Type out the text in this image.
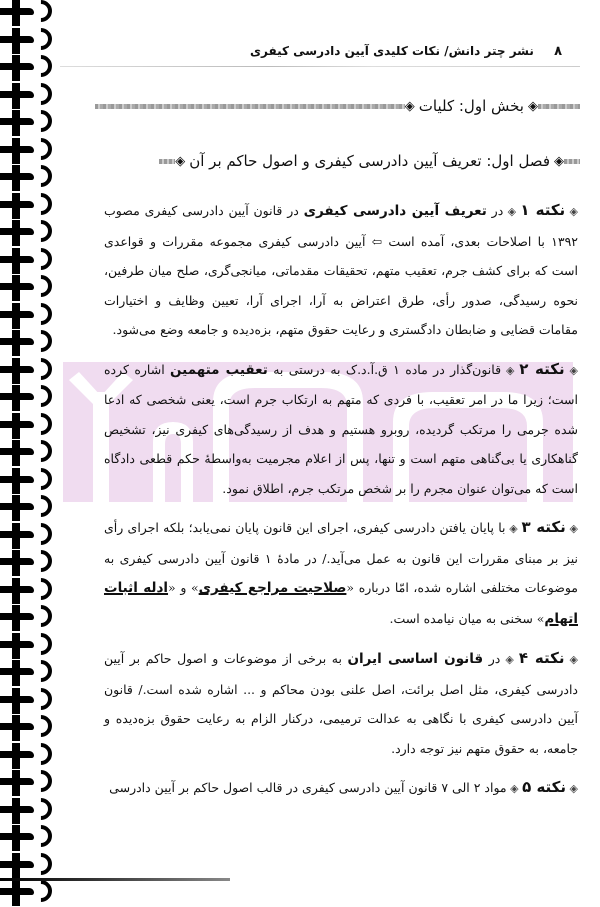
۸ نشر چتر دانش/ نکات کلیدی آیین دادرسی کیفری
◈
بخش اول: کلیات
◈
◈
فصل اول: تعریف آیین دادرسی کیفری و اصول حاکم بر آن
◈

◈ نکته ۱ ◈ در تعریف آیین دادرسی کیفری در قانون آیین دادرسی کیفری مصوب ۱۳۹۲ با اصلاحات بعدی، آمده است ⇦ آیین دادرسی کیفری مجموعه مقررات و قواعدی است که برای کشف جرم، تعقیب متهم، تحقیقات مقدماتی، میانجی‌گری، صلح میان طرفین، نحوه رسیدگی، صدور رأی، طرق اعتراض به آرا، اجرای آرا، تعیین وظایف و اختیارات مقامات قضایی و ضابطان دادگستری و رعایت حقوق متهم، بزه‌دیده و جامعه وضع می‌شود.

◈ نکته ۲ ◈ قانون‌گذار در ماده ۱ ق.آ.د.ک به درستی به تعقیب متهمین اشاره کرده است؛ زیرا ما در امر تعقیب، با فردی که متهم به ارتکاب جرم است، یعنی شخصی که ادعا شده جرمی را مرتکب گردیده، روبرو هستیم و هدف از رسیدگی‌های کیفری نیز، تشخیص گناهکاری یا بی‌گناهی متهم است و تنها، پس از اعلام مجرمیت به‌واسطهٔ حکم قطعی دادگاه است که می‌توان عنوان مجرم را بر شخص مرتکب جرم، اطلاق نمود.

◈ نکته ۳ ◈ با پایان یافتن دادرسی کیفری، اجرای این قانون پایان نمی‌یابد؛ بلکه اجرای رأی نیز بر مبنای مقررات این قانون به عمل می‌آید./ در مادهٔ ۱ قانون آیین دادرسی کیفری به موضوعات مختلفی اشاره شده، امّا درباره «صلاحیت مراجع کیفری» و «ادله اثبات اتهام» سخنی به میان نیامده است.

◈ نکته ۴ ◈ در قانون اساسی ایران به برخی از موضوعات و اصول حاکم بر آیین دادرسی کیفری، مثل اصل برائت، اصل علنی بودن محاکم و ... اشاره شده است./ قانون آیین دادرسی کیفری با نگاهی به عدالت ترمیمی، درکنار الزام به رعایت حقوق بزه‌دیده و جامعه، به حقوق متهم نیز توجه دارد.

◈ نکته ۵ ◈ مواد ۲ الی ۷ قانون آیین دادرسی کیفری در قالب اصول حاکم بر آیین دادرسی
